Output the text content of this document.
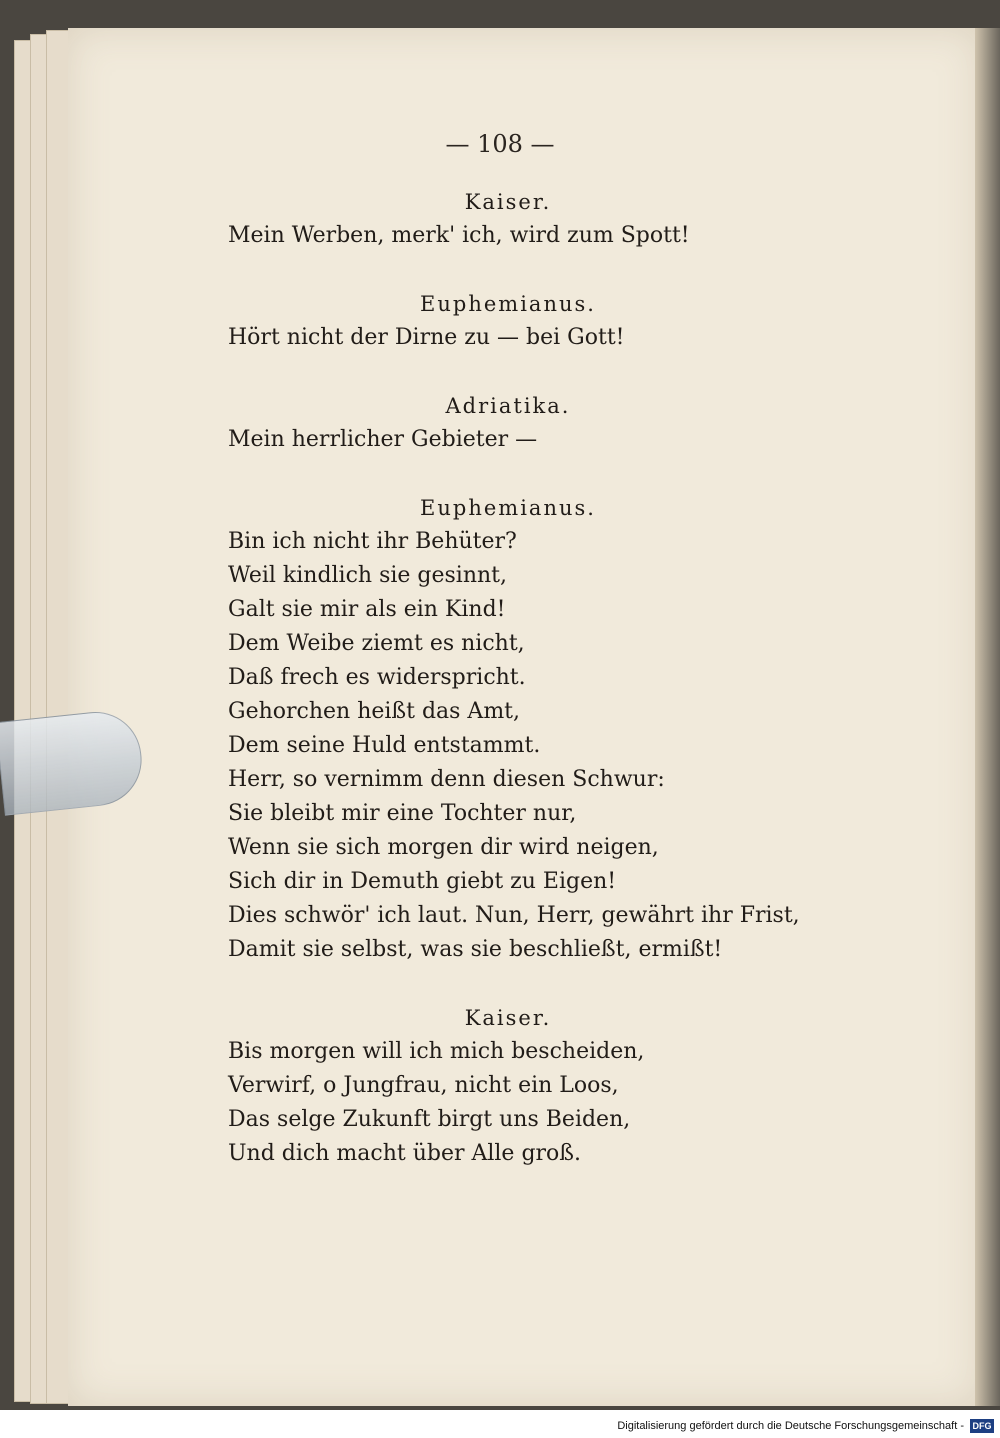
— 108 —
Kaiser.
Mein Werben, merk' ich, wird zum Spott!
Euphemianus.
Hört nicht der Dirne zu — bei Gott!
Adriatika.
Mein herrlicher Gebieter —
Euphemianus.
Bin ich nicht ihr Behüter?
Weil kindlich sie gesinnt,
Galt sie mir als ein Kind!
Dem Weibe ziemt es nicht,
Daß frech es widerspricht.
Gehorchen heißt das Amt,
Dem seine Huld entstammt.
Herr, so vernimm denn diesen Schwur:
Sie bleibt mir eine Tochter nur,
Wenn sie sich morgen dir wird neigen,
Sich dir in Demuth giebt zu Eigen!
Dies schwör' ich laut. Nun, Herr, gewährt ihr Frist,
Damit sie selbst, was sie beschließt, ermißt!
Kaiser.
Bis morgen will ich mich bescheiden,
Verwirf, o Jungfrau, nicht ein Loos,
Das selge Zukunft birgt uns Beiden,
Und dich macht über Alle groß.
Digitalisierung gefördert durch die Deutsche Forschungsgemeinschaft - DFG
